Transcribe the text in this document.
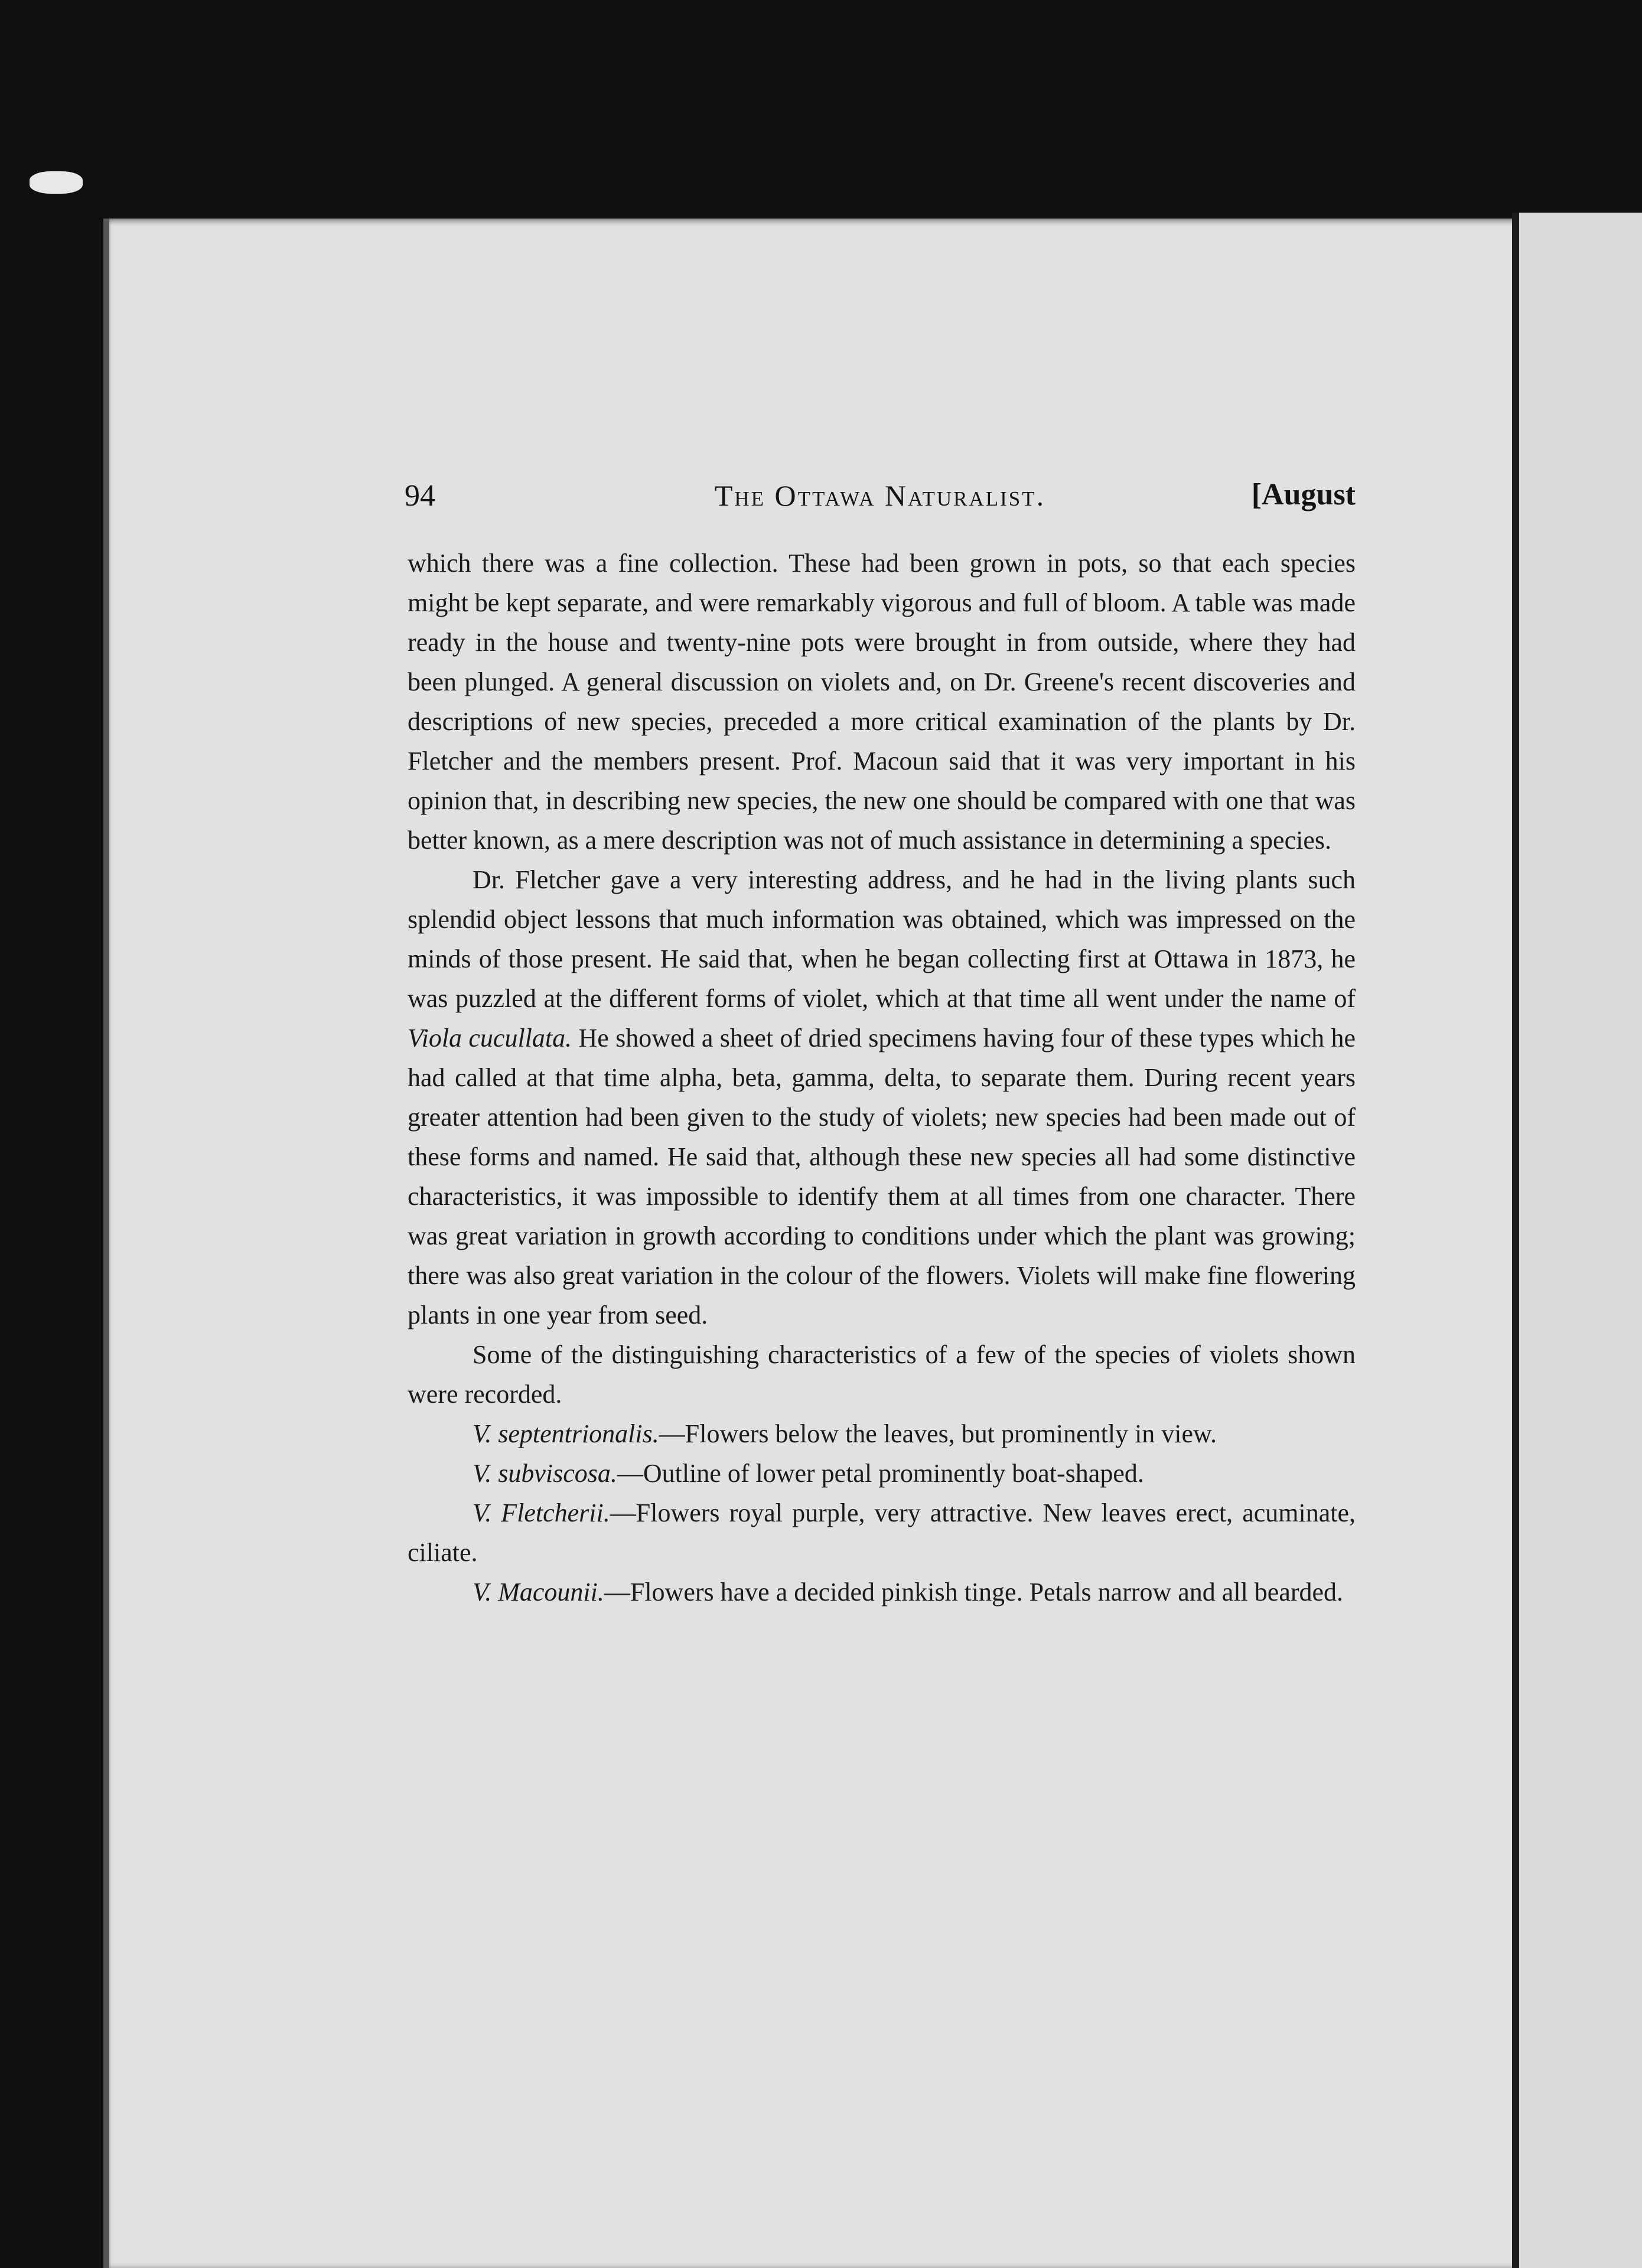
94	The Ottawa Naturalist.	[August

which there was a fine collection. These had been grown in pots, so that each species might be kept separate, and were remarkably vigorous and full of bloom. A table was made ready in the house and twenty-nine pots were brought in from outside, where they had been plunged. A general discussion on violets and, on Dr. Greene's recent discoveries and descriptions of new species, preceded a more critical examination of the plants by Dr. Fletcher and the members present. Prof. Macoun said that it was very important in his opinion that, in describing new species, the new one should be compared with one that was better known, as a mere description was not of much assistance in determining a species.

Dr. Fletcher gave a very interesting address, and he had in the living plants such splendid object lessons that much information was obtained, which was impressed on the minds of those present. He said that, when he began collecting first at Ottawa in 1873, he was puzzled at the different forms of violet, which at that time all went under the name of Viola cucullata. He showed a sheet of dried specimens having four of these types which he had called at that time alpha, beta, gamma, delta, to separate them. During recent years greater attention had been given to the study of violets; new species had been made out of these forms and named. He said that, although these new species all had some distinctive characteristics, it was impossible to identify them at all times from one character. There was great variation in growth according to conditions under which the plant was growing; there was also great variation in the colour of the flowers. Violets will make fine flowering plants in one year from seed.

Some of the distinguishing characteristics of a few of the species of violets shown were recorded.

V. septentrionalis.—Flowers below the leaves, but prominently in view.

V. subviscosa.—Outline of lower petal prominently boat-shaped.

V. Fletcherii.—Flowers royal purple, very attractive. New leaves erect, acuminate, ciliate.

V. Macounii.—Flowers have a decided pinkish tinge. Petals narrow and all bearded.
